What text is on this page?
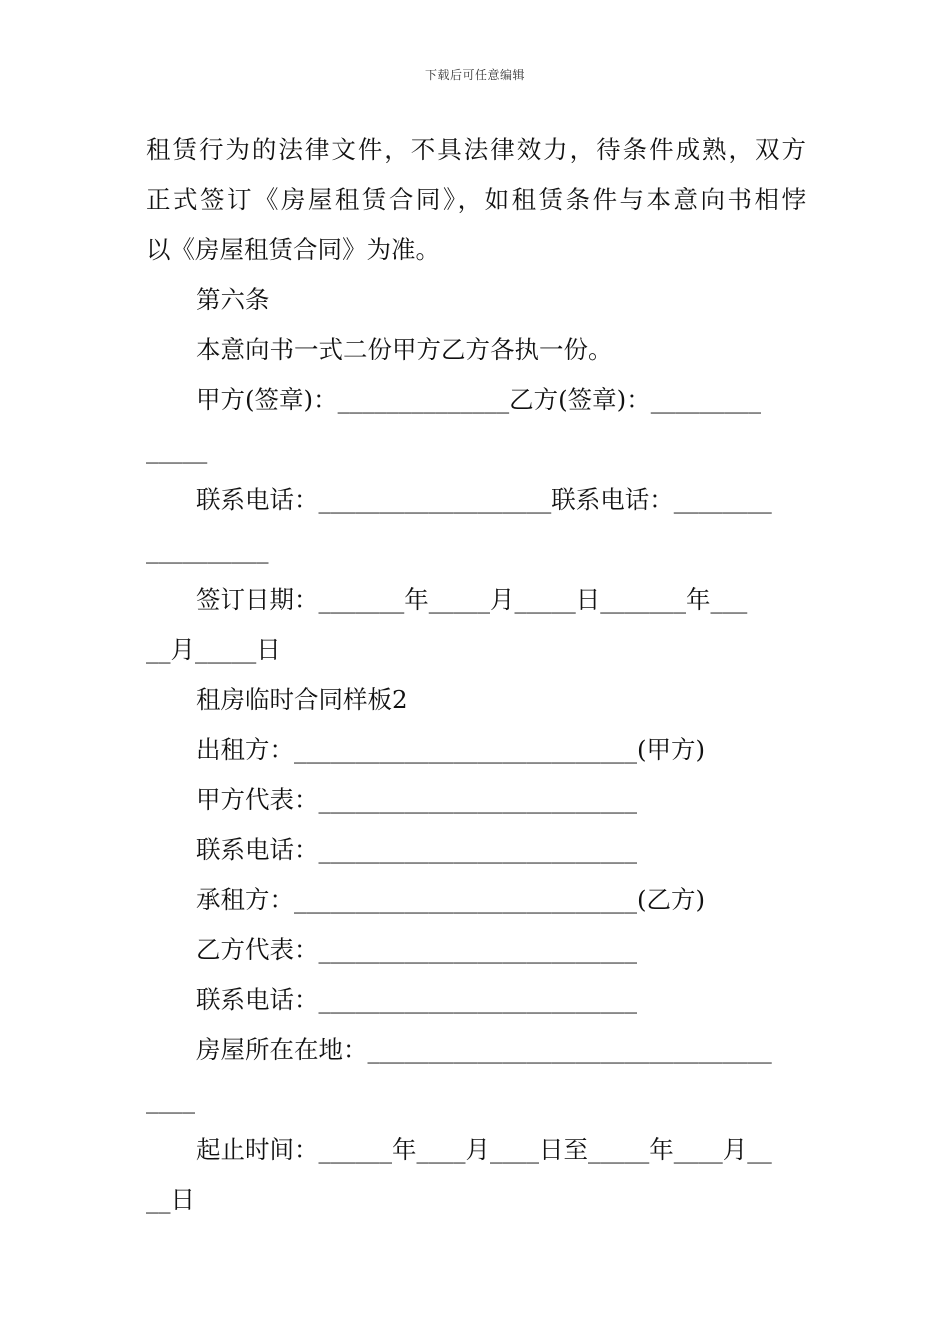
下载后可任意编辑
租赁行为的法律文件，不具法律效力，待条件成熟，双方
正式签订《房屋租赁合同》，如租赁条件与本意向书相悖
以《房屋租赁合同》为准。
第六条
本意向书一式二份甲方乙方各执一份。
甲方(签章)：______________乙方(签章)：_________
_____
联系电话：___________________联系电话：________
__________
签订日期：_______年_____月_____日_______年___
__月_____日
租房临时合同样板2
出租方：____________________________(甲方)
甲方代表：__________________________
联系电话：__________________________
承租方：____________________________(乙方)
乙方代表：__________________________
联系电话：__________________________
房屋所在在地：_________________________________
____
起止时间：______年____月____日至_____年____月__
__日
